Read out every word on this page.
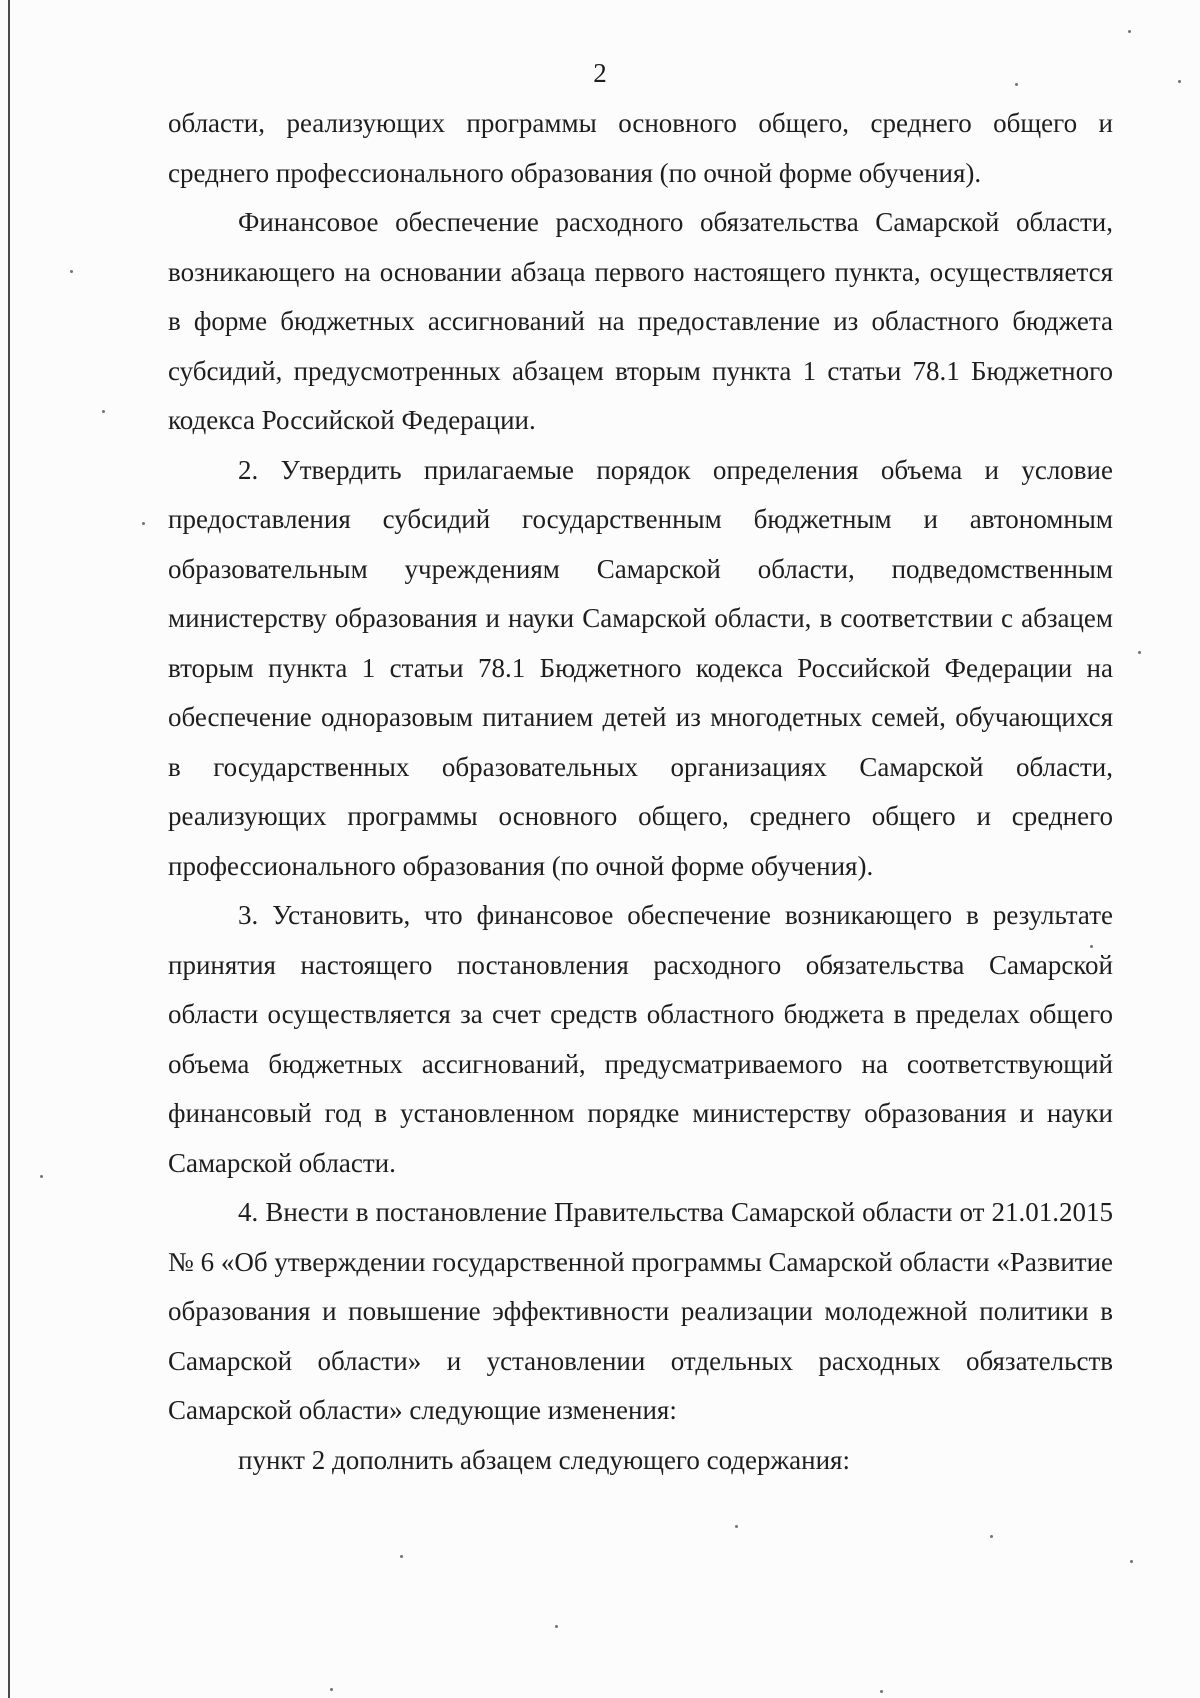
2

области, реализующих программы основного общего, среднего общего и среднего профессионального образования (по очной форме обучения).

Финансовое обеспечение расходного обязательства Самарской области, возникающего на основании абзаца первого настоящего пункта, осуществляется в форме бюджетных ассигнований на предоставление из областного бюджета субсидий, предусмотренных абзацем вторым пункта 1 статьи 78.1 Бюджетного кодекса Российской Федерации.

2. Утвердить прилагаемые порядок определения объема и условие предоставления субсидий государственным бюджетным и автономным образовательным учреждениям Самарской области, подведомственным министерству образования и науки Самарской области, в соответствии с абзацем вторым пункта 1 статьи 78.1 Бюджетного кодекса Российской Федерации на обеспечение одноразовым питанием детей из многодетных семей, обучающихся в государственных образовательных организациях Самарской области, реализующих программы основного общего, среднего общего и среднего профессионального образования (по очной форме обучения).

3. Установить, что финансовое обеспечение возникающего в результате принятия настоящего постановления расходного обязательства Самарской области осуществляется за счет средств областного бюджета в пределах общего объема бюджетных ассигнований, предусматриваемого на соответствующий финансовый год в установленном порядке министерству образования и науки Самарской области.

4. Внести в постановление Правительства Самарской области от 21.01.2015 № 6 «Об утверждении государственной программы Самарской области «Развитие образования и повышение эффективности реализации молодежной политики в Самарской области» и установлении отдельных расходных обязательств Самарской области» следующие изменения:

пункт 2 дополнить абзацем следующего содержания:
